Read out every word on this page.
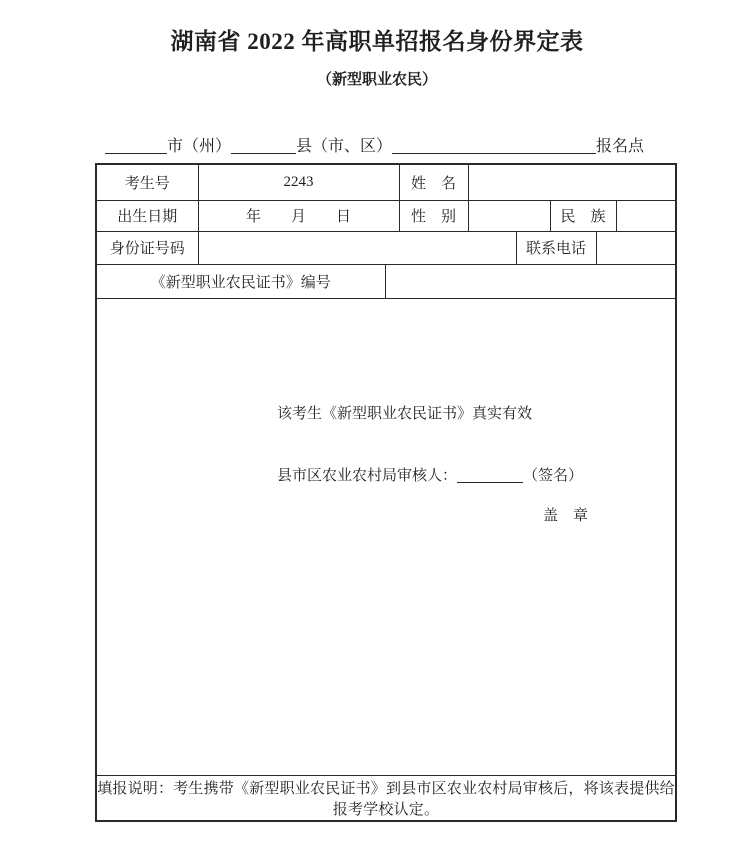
湖南省 2022 年高职单招报名身份界定表
（新型职业农民）
市（州）	县（市、区）	报名点
考生号	2243		姓　名					
出生日期	年　　月　　日		性　别			民　族		
身份证号码					联系电话			
《新型职业农民证书》编号								

该考生《新型职业农民证书》真实有效
县市区农业农村局审核人： （签名）
盖　章								

填报说明：考生携带《新型职业农民证书》到县市区农业农村局审核后，将该表提供给报考学校认定。								
